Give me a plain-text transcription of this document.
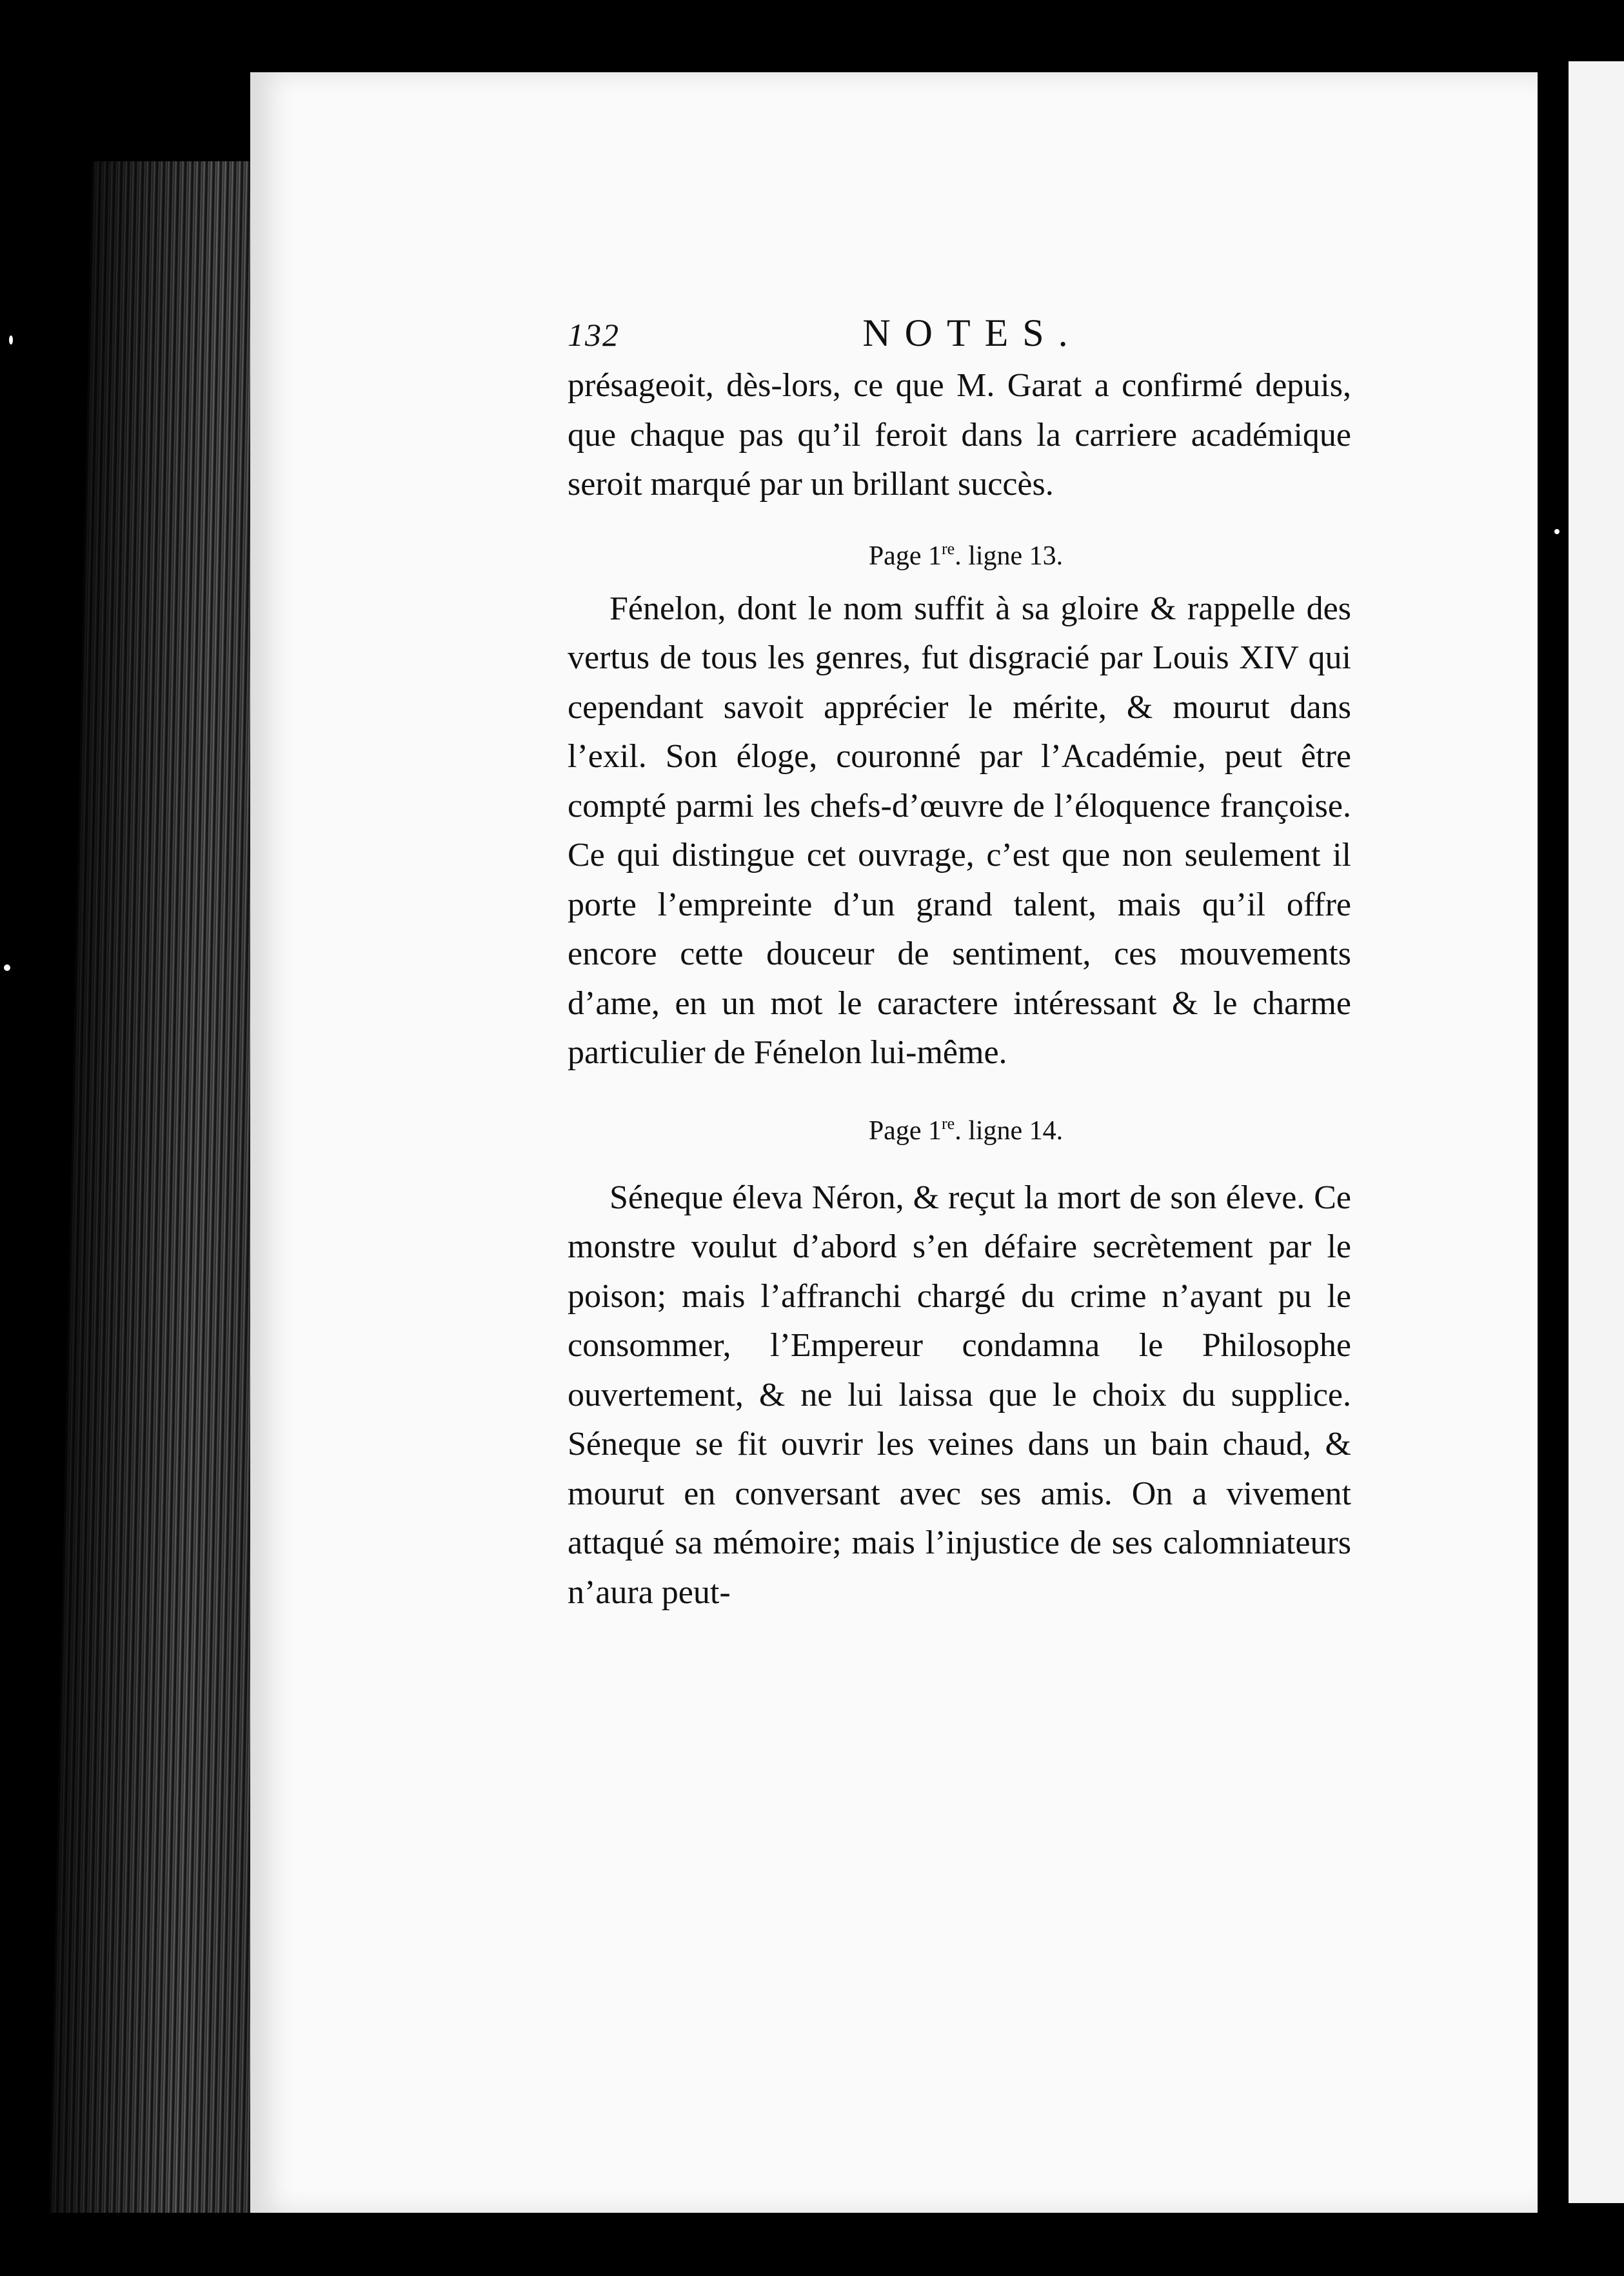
132	NOTES.

présageoit, dès-lors, ce que M. Garat a confirmé depuis, que chaque pas qu’il feroit dans la carriere académique seroit marqué par un brillant succès.

Page 1re. ligne 13.

Fénelon, dont le nom suffit à sa gloire & rappelle des vertus de tous les genres, fut disgracié par Louis XIV qui cependant savoit apprécier le mérite, & mourut dans l’exil. Son éloge, couronné par l’Académie, peut être compté parmi les chefs-d’œuvre de l’éloquence françoise. Ce qui distingue cet ouvrage, c’est que non seulement il porte l’empreinte d’un grand talent, mais qu’il offre encore cette douceur de sentiment, ces mouvements d’ame, en un mot le caractere intéressant & le charme particulier de Fénelon lui-même.

Page 1re. ligne 14.

Séneque éleva Néron, & reçut la mort de son éleve. Ce monstre voulut d’abord s’en défaire secrètement par le poison; mais l’affranchi chargé du crime n’ayant pu le consommer, l’Empereur condamna le Philosophe ouvertement, & ne lui laissa que le choix du supplice. Séneque se fit ouvrir les veines dans un bain chaud, & mourut en conversant avec ses amis. On a vivement attaqué sa mémoire; mais l’injustice de ses calomniateurs n’aura peut-
